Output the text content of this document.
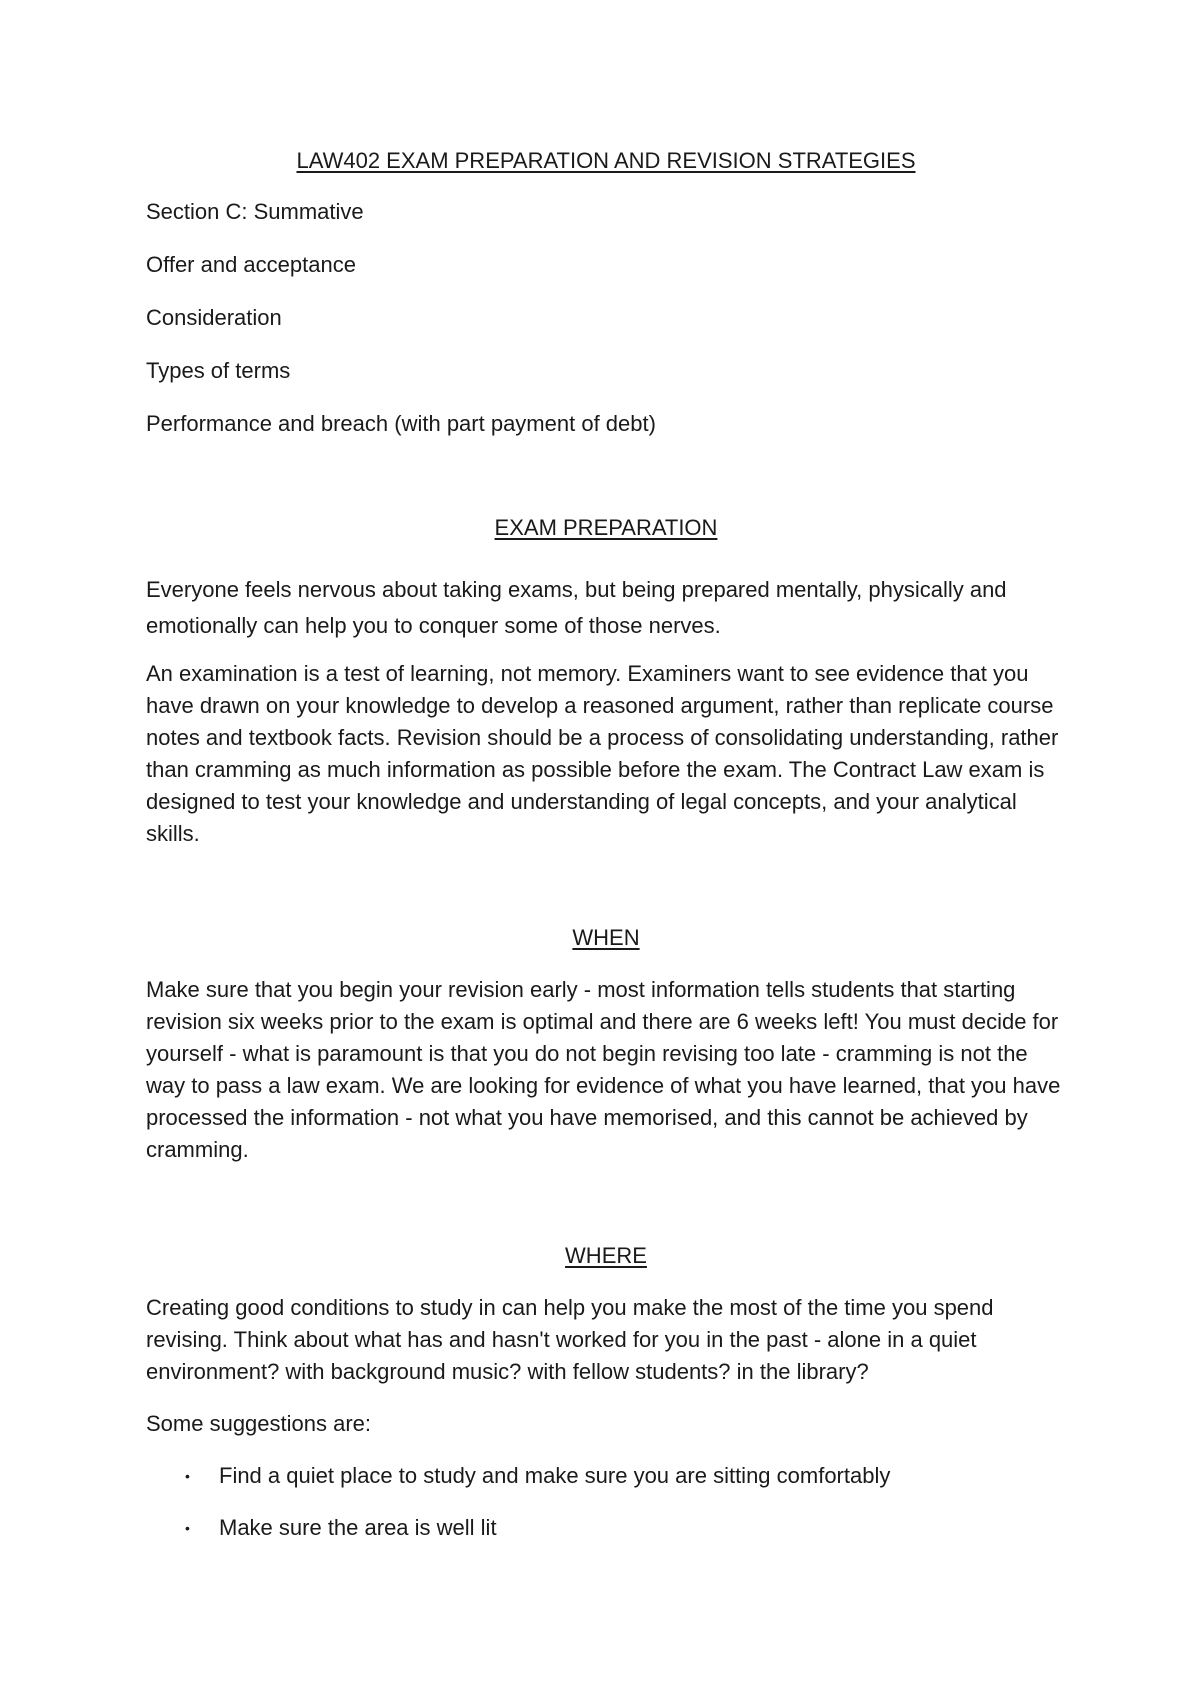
LAW402 EXAM PREPARATION AND REVISION STRATEGIES

Section C: Summative

Offer and acceptance

Consideration

Types of terms

Performance and breach (with part payment of debt)

EXAM PREPARATION

Everyone feels nervous about taking exams, but being prepared mentally, physically and emotionally can help you to conquer some of those nerves.

An examination is a test of learning, not memory. Examiners want to see evidence that you have drawn on your knowledge to develop a reasoned argument, rather than replicate course notes and textbook facts. Revision should be a process of consolidating understanding, rather than cramming as much information as possible before the exam. The Contract Law exam is designed to test your knowledge and understanding of legal concepts, and your analytical skills.

WHEN

Make sure that you begin your revision early - most information tells students that starting revision six weeks prior to the exam is optimal and there are 6 weeks left! You must decide for yourself - what is paramount is that you do not begin revising too late - cramming is not the way to pass a law exam. We are looking for evidence of what you have learned, that you have processed the information - not what you have memorised, and this cannot be achieved by cramming.

WHERE

Creating good conditions to study in can help you make the most of the time you spend revising. Think about what has and hasn't worked for you in the past - alone in a quiet environment? with background music? with fellow students? in the library?

Some suggestions are:

• Find a quiet place to study and make sure you are sitting comfortably
• Make sure the area is well lit
